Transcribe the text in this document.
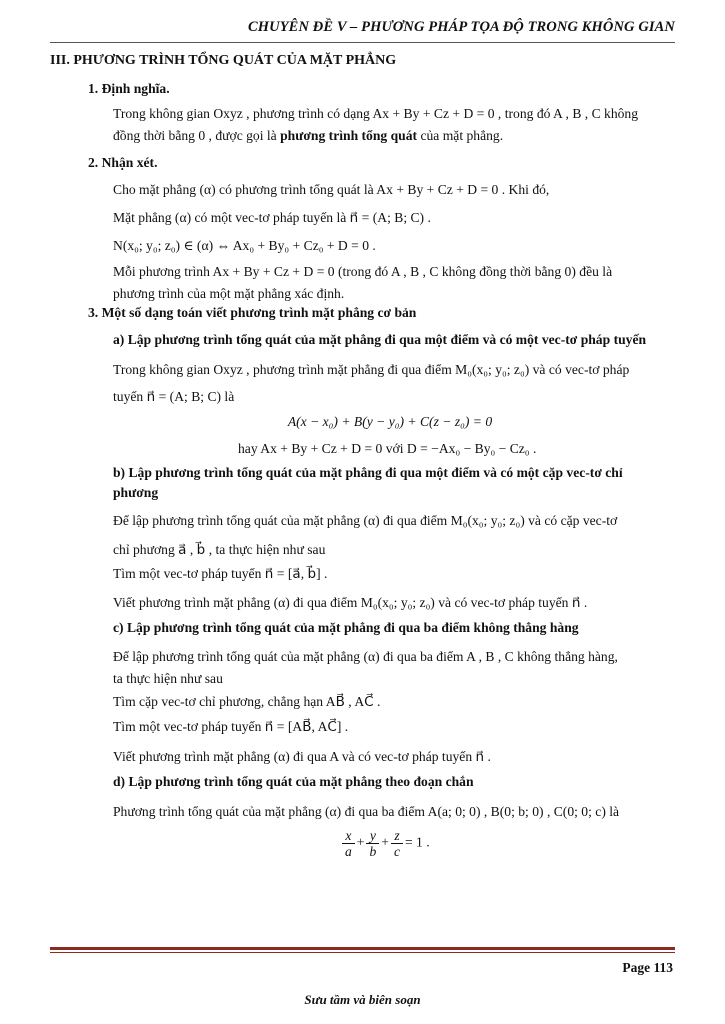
CHUYÊN ĐỀ V – PHƯƠNG PHÁP TỌA ĐỘ TRONG KHÔNG GIAN
III. PHƯƠNG TRÌNH TỔNG QUÁT CỦA MẶT PHẲNG
1. Định nghĩa.
Trong không gian Oxyz , phương trình có dạng Ax + By + Cz + D = 0 , trong đó A , B , C không
đồng thời bằng 0 , được gọi là phương trình tổng quát của mặt phẳng.
2. Nhận xét.
Cho mặt phẳng (α) có phương trình tổng quát là Ax + By + Cz + D = 0 . Khi đó,
Mặt phẳng (α) có một vec-tơ pháp tuyến là n⃗ = (A; B; C) .
N(x₀; y₀; z₀) ∈ (α) ⇔ Ax₀ + By₀ + Cz₀ + D = 0 .
Mỗi phương trình Ax + By + Cz + D = 0 (trong đó A , B , C không đồng thời bằng 0) đều là
phương trình của một mặt phẳng xác định.
3. Một số dạng toán viết phương trình mặt phẳng cơ bản
a) Lập phương trình tổng quát của mặt phẳng đi qua một điểm và có một vec-tơ pháp tuyến
Trong không gian Oxyz , phương trình mặt phẳng đi qua điểm M₀(x₀; y₀; z₀) và có vec-tơ pháp
tuyến n⃗ = (A; B; C) là
A(x − x₀) + B(y − y₀) + C(z − z₀) = 0
hay Ax + By + Cz + D = 0 với D = −Ax₀ − By₀ − Cz₀ .
b) Lập phương trình tổng quát của mặt phẳng đi qua một điểm và có một cặp vec-tơ chỉ
phương
Để lập phương trình tổng quát của mặt phẳng (α) đi qua điểm M₀(x₀; y₀; z₀) và có cặp vec-tơ
chỉ phương a⃗ , b⃗ , ta thực hiện như sau
Tìm một vec-tơ pháp tuyến n⃗ = [a⃗, b⃗] .
Viết phương trình mặt phẳng (α) đi qua điểm M₀(x₀; y₀; z₀) và có vec-tơ pháp tuyến n⃗ .
c) Lập phương trình tổng quát của mặt phẳng đi qua ba điểm không thẳng hàng
Để lập phương trình tổng quát của mặt phẳng (α) đi qua ba điểm A , B , C không thẳng hàng,
ta thực hiện như sau
Tìm cặp vec-tơ chỉ phương, chẳng hạn AB⃗ , AC⃗ .
Tìm một vec-tơ pháp tuyến n⃗ = [AB⃗, AC⃗] .
Viết phương trình mặt phẳng (α) đi qua A và có vec-tơ pháp tuyến n⃗ .
d) Lập phương trình tổng quát của mặt phẳng theo đoạn chắn
Phương trình tổng quát của mặt phẳng (α) đi qua ba điểm A(a; 0; 0) , B(0; b; 0) , C(0; 0; c) là
$\frac{x}{a} + \frac{y}{b} + \frac{z}{c} = 1$ .
Page 113
Sưu tầm và biên soạn
